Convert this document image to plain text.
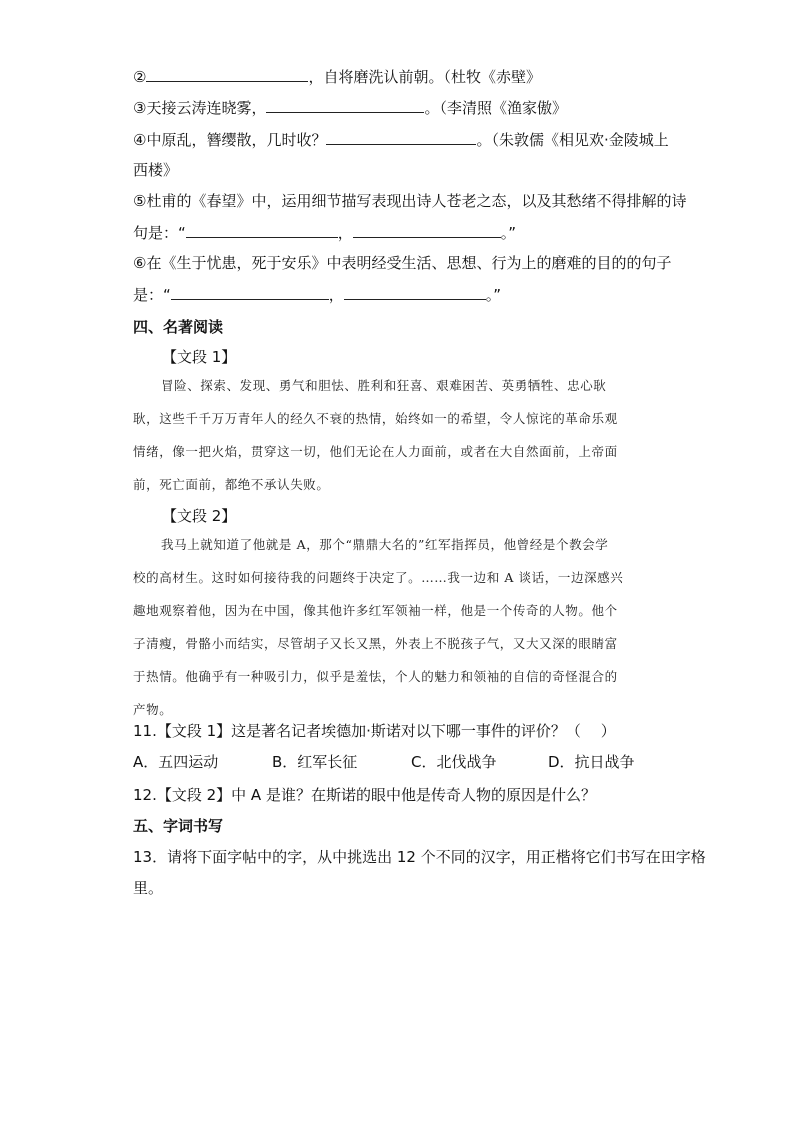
②	，自将磨洗认前朝。（杜牧《赤壁》
③天接云涛连晓雾，	。（李清照《渔家傲》
④中原乱，簪缨散，几时收？	。（朱敦儒《相见欢·金陵城上
西楼》
⑤杜甫的《春望》中，运用细节描写表现出诗人苍老之态，以及其愁绪不得排解的诗
句是：“	，	。”
⑥在《生于忧患，死于安乐》中表明经受生活、思想、行为上的磨难的目的的句子
是：“	，	。”
四、名著阅读
【文段 1】
冒险、探索、发现、勇气和胆怯、胜利和狂喜、艰难困苦、英勇牺牲、忠心耿
耿，这些千千万万青年人的经久不衰的热情，始终如一的希望，令人惊诧的革命乐观
情绪，像一把火焰，贯穿这一切，他们无论在人力面前，或者在大自然面前，上帝面
前，死亡面前，都绝不承认失败。
【文段 2】
我马上就知道了他就是 A，那个“鼎鼎大名的”红军指挥员，他曾经是个教会学
校的高材生。这时如何接待我的问题终于决定了。……我一边和 A 谈话，一边深感兴
趣地观察着他，因为在中国，像其他许多红军领袖一样，他是一个传奇的人物。他个
子清瘦，骨骼小而结实，尽管胡子又长又黑，外表上不脱孩子气，又大又深的眼睛富
于热情。他确乎有一种吸引力，似乎是羞怯，个人的魅力和领袖的自信的奇怪混合的
产物。
11.【文段 1】这是著名记者埃德加·斯诺对以下哪一事件的评价？（　 ）
A．五四运动	B．红军长征	C．北伐战争	D．抗日战争
12.【文段 2】中 A 是谁？在斯诺的眼中他是传奇人物的原因是什么？
五、字词书写
13．请将下面字帖中的字，从中挑选出 12 个不同的汉字，用正楷将它们书写在田字格
里。
